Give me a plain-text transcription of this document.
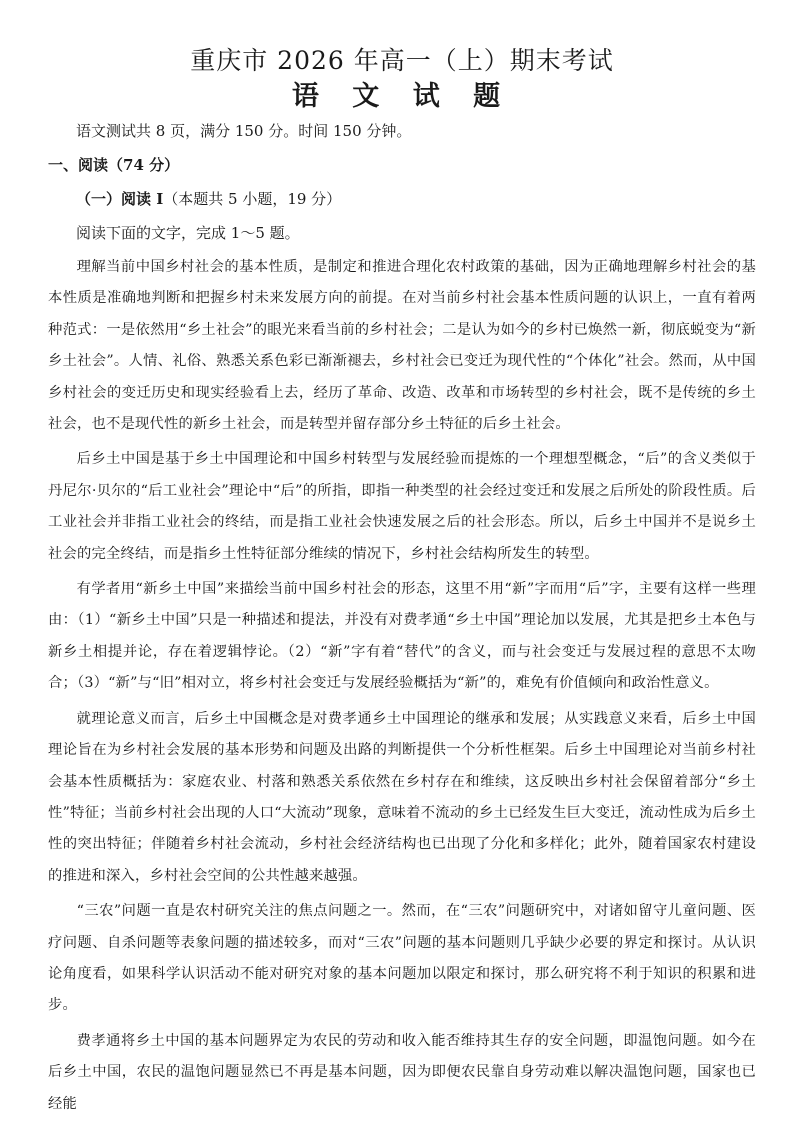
重庆市 2026 年高一（上）期末考试
语 文 试 题
语文测试共 8 页，满分 150 分。时间 150 分钟。
一、阅读（74 分）
（一）阅读 I（本题共 5 小题，19 分）
阅读下面的文字，完成 1～5 题。
理解当前中国乡村社会的基本性质，是制定和推进合理化农村政策的基础，因为正确地理解乡村社会的基本性质是准确地判断和把握乡村未来发展方向的前提。在对当前乡村社会基本性质问题的认识上，一直有着两种范式：一是依然用“乡土社会”的眼光来看当前的乡村社会；二是认为如今的乡村已焕然一新，彻底蜕变为“新乡土社会”。人情、礼俗、熟悉关系色彩已渐渐褪去，乡村社会已变迁为现代性的“个体化”社会。然而，从中国乡村社会的变迁历史和现实经验看上去，经历了革命、改造、改革和市场转型的乡村社会，既不是传统的乡土社会，也不是现代性的新乡土社会，而是转型并留存部分乡土特征的后乡土社会。
后乡土中国是基于乡土中国理论和中国乡村转型与发展经验而提炼的一个理想型概念，“后”的含义类似于丹尼尔·贝尔的“后工业社会”理论中“后”的所指，即指一种类型的社会经过变迁和发展之后所处的阶段性质。后工业社会并非指工业社会的终结，而是指工业社会快速发展之后的社会形态。所以，后乡土中国并不是说乡土社会的完全终结，而是指乡土性特征部分维续的情况下，乡村社会结构所发生的转型。
有学者用“新乡土中国”来描绘当前中国乡村社会的形态，这里不用“新”字而用“后”字，主要有这样一些理由：（1）“新乡土中国”只是一种描述和提法，并没有对费孝通“乡土中国”理论加以发展，尤其是把乡土本色与新乡土相提并论，存在着逻辑悖论。（2）“新”字有着“替代”的含义，而与社会变迁与发展过程的意思不太吻合；（3）“新”与“旧”相对立，将乡村社会变迁与发展经验概括为“新”的，难免有价值倾向和政治性意义。
就理论意义而言，后乡土中国概念是对费孝通乡土中国理论的继承和发展；从实践意义来看，后乡土中国理论旨在为乡村社会发展的基本形势和问题及出路的判断提供一个分析性框架。后乡土中国理论对当前乡村社会基本性质概括为：家庭农业、村落和熟悉关系依然在乡村存在和维续，这反映出乡村社会保留着部分“乡土性”特征；当前乡村社会出现的人口“大流动”现象，意味着不流动的乡土已经发生巨大变迁，流动性成为后乡土性的突出特征；伴随着乡村社会流动，乡村社会经济结构也已出现了分化和多样化；此外，随着国家农村建设的推进和深入，乡村社会空间的公共性越来越强。
“三农”问题一直是农村研究关注的焦点问题之一。然而，在“三农”问题研究中，对诸如留守儿童问题、医疗问题、自杀问题等表象问题的描述较多，而对“三农”问题的基本问题则几乎缺少必要的界定和探讨。从认识论角度看，如果科学认识活动不能对研究对象的基本问题加以限定和探讨，那么研究将不利于知识的积累和进步。
费孝通将乡土中国的基本问题界定为农民的劳动和收入能否维持其生存的安全问题，即温饱问题。如今在后乡土中国，农民的温饱问题显然已不再是基本问题，因为即便农民靠自身劳动难以解决温饱问题，国家也已经能
